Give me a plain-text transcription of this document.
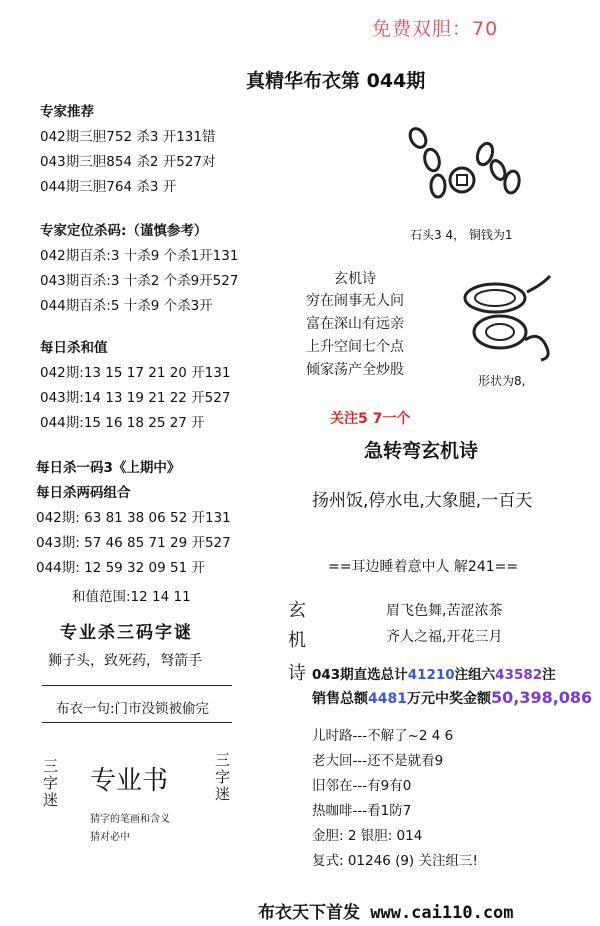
免费双胆：70
真精华布衣第 044期
专家推荐
042期三胆752 杀3 开131错
043期三胆854 杀2 开527对
044期三胆764 杀3 开
专家定位杀码:（谨慎参考）
042期百杀:3 十杀9 个杀1开131
043期百杀:3 十杀2 个杀9开527
044期百杀:5 十杀9 个杀3开
每日杀和值
042期:13 15 17 21 20 开131
043期:14 13 19 21 22 开527
044期:15 16 18 25 27 开
每日杀一码3《上期中》
每日杀两码组合
042期: 63 81 38 06 52 开131
043期: 57 46 85 71 29 开527
044期: 12 59 32 09 51 开
和值范围:12 14 11
专业杀三码字谜
狮子头，致死药，弩箭手
布衣一句:门市没锁被偷完
三字迷 专业书	三字迷
猜字的笔画和含义
猜对必中
石头3 4， 铜钱为1
玄机诗
穷在闹事无人问
富在深山有远亲
上升空间七个点
倾家荡产全炒股
形状为8,
关注5 7一个
急转弯玄机诗
扬州饭,停水电,大象腿,一百天
==耳边睡着意中人 解241==
玄
机
眉飞色舞,苦涩浓茶
齐人之福,开花三月
诗 043期直选总计41210注组六43582注
销售总额4481万元中奖金额50,398,086
儿时路---不解了~2 4 6
老大回---还不是就看9
旧邻在---有9有0
热咖啡---看1防7
金胆: 2 银胆: 014
复式: 01246 (9) 关注组三!
布衣天下首发 www.cai110.com
